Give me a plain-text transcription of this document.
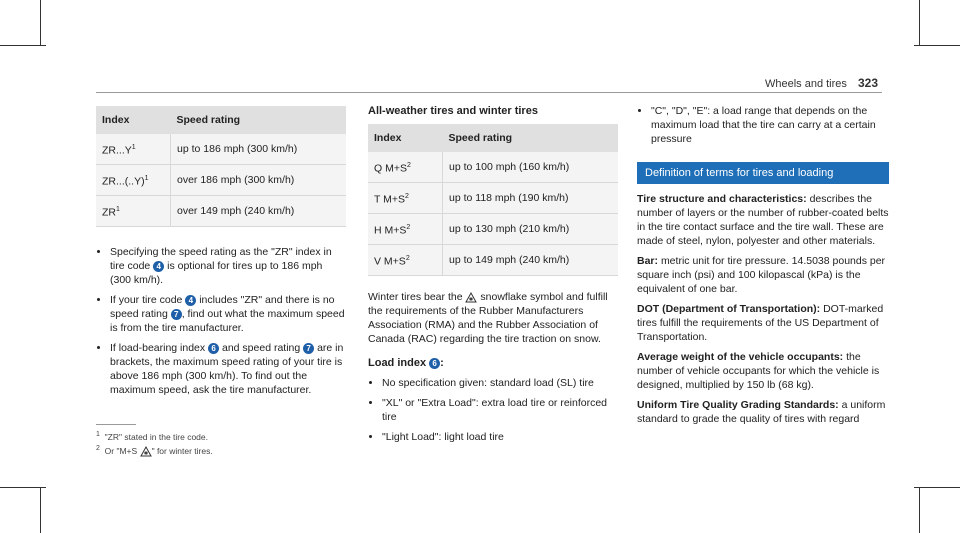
Wheels and tires 323
Index	Speed rating
$ZR...Y^1$	up to 186 mph (300 km/h)
$ZR...(..Y)^1$	over 186 mph (300 km/h)
$ZR^1$	over 149 mph (240 km/h)
• Specifying the speed rating as the "ZR" index in tire code 4 is optional for tires up to 186 mph (300 km/h).
• If your tire code 4 includes "ZR" and there is no speed rating 7 , find out what the maximum speed is from the tire manufacturer.
• If load-bearing index 6 and speed rating 7 are in brackets, the maximum speed rating of your tire is above 186 mph (300 km/h). To find out the maximum speed, ask the tire manufacturer.
$^1$ "ZR" stated in the tire code.
$^2$ Or "M+S " for winter tires.
All-weather tires and winter tires
Index	Speed rating
Q $M+S^2$	up to 100 mph (160 km/h)
T $M+S^2$	up to 118 mph (190 km/h)
H $M+S^2$	up to 130 mph (210 km/h)
V $M+S^2$	up to 149 mph (240 km/h)

Winter tires bear the snowflake symbol and fulfill the requirements of the Rubber Manufacturers Association (RMA) and the Rubber Association of Canada (RAC) regarding the tire traction on snow.

Load index 6 :
• No specification given: standard load (SL) tire
• "XL" or "Extra Load": extra load tire or reinforced tire
• "Light Load": light load tire
• "C", "D", "E": a load range that depends on the maximum load that the tire can carry at a certain pressure
Definition of terms for tires and loading

Tire structure and characteristics: describes the number of layers or the number of rubber-coated belts in the tire contact surface and the tire wall. These are made of steel, nylon, polyester and other materials.

Bar: metric unit for tire pressure. 14.5038 pounds per square inch (psi) and 100 kilopascal (kPa) is the equivalent of one bar.

DOT (Department of Transportation): DOT-marked tires fulfill the requirements of the US Department of Transportation.

Average weight of the vehicle occupants: the number of vehicle occupants for which the vehicle is designed, multiplied by 150 lb (68 kg).

Uniform Tire Quality Grading Standards: a uniform standard to grade the quality of tires with regard
